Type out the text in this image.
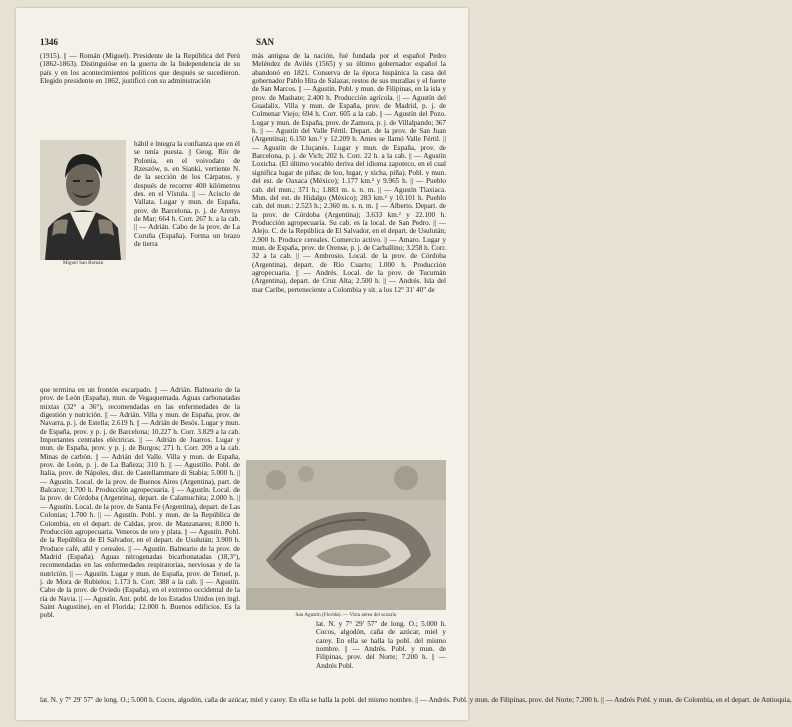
1346	SAN

(1915). || — Román (Miguel). Presidente de la República del Perú (1862-1863). Distinguióse en la guerra de la Independencia de su país y en los acontecimientos políticos que después se sucedieron. Elegido presidente en 1862, justificó con su administración

hábil e íntegra la confianza que en él se tenía puesta. || Geog. Río de Polonia, en el voivodato de Rzeszów, n. en Sianki, vertiente N. de la sección de los Cárpatos, y después de recorrer 400 kilómetros des. en el Vístula. || — Acisclo de Vallata. Lugar y mun. de España, prov. de Barcelona, p. j. de Arenys de Mar; 664 h. Corr. 267 h. a la cab. || — Adrián. Cabo de la prov. de La Coruña (España). Forma un brazo de tierra

que termina en un frontón escarpado. || — Adrián. Balneario de la prov. de León (España), mun. de Vegaquemada. Aguas carbonatadas mixtas (32° a 36°), recomendadas en las enfermedades de la digestión y nutrición. || — Adrián. Villa y mun. de España, prov. de Navarra, p. j. de Estella; 2.619 h. || — Adrián de Besós. Lugar y mun. de España, prov. y p. j. de Barcelona; 10.227 h. Corr. 3.829 a la cab. Importantes centrales eléctricas. || — Adrián de Juarros. Lugar y mun. de España, prov. y p. j. de Burgos; 271 h. Corr. 209 a la cab. Minas de carbón. || — Adrián del Valle. Villa y mun. de España, prov. de León, p. j. de La Bañeza; 310 h. || — Agustillo. Pobl. de Italia, prov. de Nápoles, dist. de Castellammare di Stabia; 5.000 h. || — Agustín. Local. de la prov. de Buenos Aires (Argentina), part. de Balcarce; 1.700 h. Producción agropecuaria. || — Agustín. Local. de la prov. de Córdoba (Argentina), depart. de Calamuchita; 2.000 h. || — Agustín. Local. de la prov. de Santa Fe (Argentina), depart. de Las Colonias; 1.700 h. || — Agustín. Pobl. y mun. de la República de Colombia, en el depart. de Caldas, prov. de Manzanares; 8.000 h. Producción agropecuaria. Veneros de oro y plata. || — Agustín. Pobl. de la República de El Salvador, en el depart. de Usulután; 3.900 h. Produce café, añil y cereales. || — Agustín. Balneario de la prov. de Madrid (España). Aguas nitrogenadas bicarbonatadas (18,3°), recomendadas en las enfermedades respiratorias, nerviosas y de la nutrición. || — Agustín. Lugar y mun. de España, prov. de Teruel, p. j. de Mora de Rubielos; 1.173 h. Corr. 388 a la cab. || — Agustín. Cabo de la prov. de Oviedo (España), en el extremo occidental de la ría de Navia. || — Agustín. Ant. pobl. de los Estados Unidos (en ingl. Saint Augustine), en el Florida; 12.000 h. Buenos edificios. Es la pobl.

Miguel San Román

más antigua de la nación, fué fundada por el español Pedro Meléndez de Avilés (1565) y su último gobernador español la abandonó en 1821. Conserva de la época hispánica la casa del gobernador Pablo Hita de Salazar, restos de sus murallas y el fuerte de San Marcos. || — Agustín. Pobl. y mun. de Filipinas, en la isla y prov. de Masbate; 2.400 h. Producción agrícola. || — Agustín del Guadalix. Villa y mun. de España, prov. de Madrid, p. j. de Colmenar Viejo; 694 h. Corr. 605 a la cab. || — Agustín del Pozo. Lugar y mun. de España, prov. de Zamora, p. j. de Villalpando; 367 h. || — Agustín del Valle Fértil. Depart. de la prov. de San Juan (Argentina); 6.150 km.² y 12.209 h. Antes se llamó Valle Fértil. || — Agustín de Lluçanès. Lugar y mun. de España, prov. de Barcelona, p. j. de Vich; 202 h. Corr. 22 h. a la cab. || — Agustín Loxicha. (El último vocablo deriva del idioma zapoteco, en el cual significa lugar de piñas; de loo, lugar, y xicha, piña). Pobl. y mun. del est. de Oaxaca (México); 1.177 km.² y 9.965 h. || — Pueblo cab. del mun.; 371 h.; 1.883 m. s. n. m. || — Agustín Tlaxiaca. Mun. del est. de Hidalgo (México); 283 km.² y 10.101 h. Pueblo cab. del mun.: 2.523 h.; 2.360 m. s. n. m. || — Alberto. Depart. de la prov. de Córdoba (Argentina); 3.633 km.² y 22.100 h. Producción agropecuaria. Su cab. es la local. de San Pedro. || — Alejo. C. de la República de El Salvador, en el depart. de Usulután; 2.900 h. Produce cereales. Comercio activo. || — Amaro. Lugar y mun. de España, prov. de Orense, p. j. de Carballino; 3.258 h. Corr. 32 a la cab. || — Ambrosio. Local. de la prov. de Córdoba (Argentina), depart. de Río Cuarto; 1.000 h. Producción agropecuaria. || — Andrés. Local. de la prov. de Tucumán (Argentina), depart. de Cruz Alta; 2.500 h. || — Andrés. Isla del mar Caribe, perteneciente a Colombia y sit. a los 12° 31' 40" de

San Agustín (Florida). — Vista aérea del acuario

lat. N. y 7° 29' 57" de long. O.; 5.000 h. Cocos, algodón, caña de azúcar, miel y carey. En ella se halla la pobl. del mismo nombre. || — Andrés. Pobl. y mun. de Filipinas, prov. del Norte; 7.200 h. || — Andrés Pobl.

lat. N. y 7° 29' 57" de long. O.; 5.000 h. Cocos, algodón, caña de azúcar, miel y carey. En ella se halla la pobl. del mismo nombre. || — Andrés. Pobl. y mun. de Filipinas, prov. del Norte; 7.200 h. || — Andrés Pobl. y mun. de Colombia, en el depart. de Antioquia,
